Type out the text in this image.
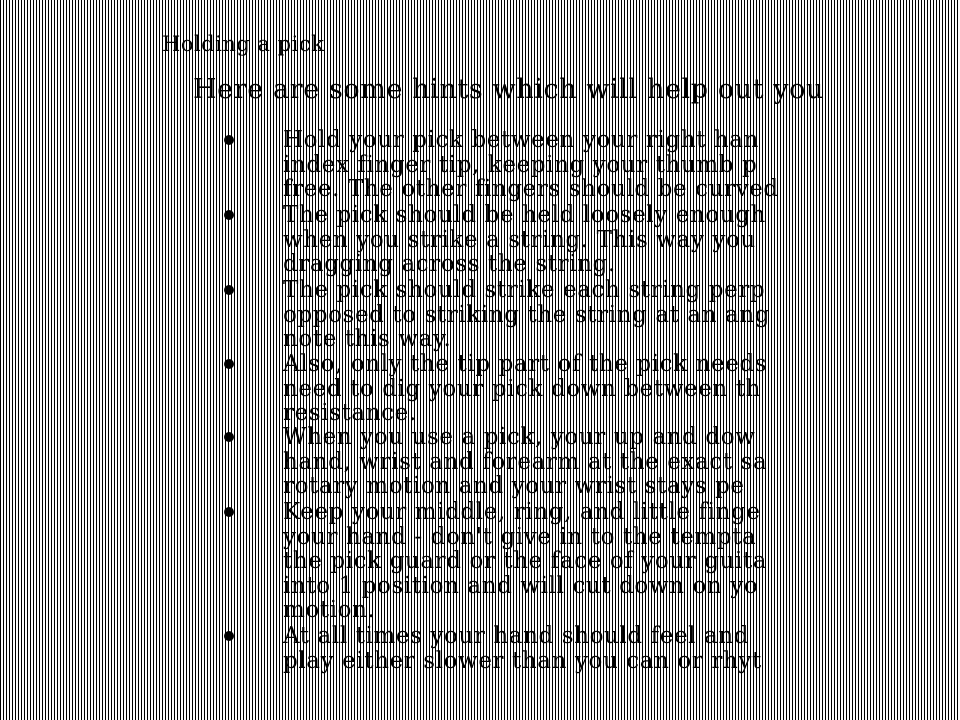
Holding a pick
Here are some hints which will help out you
Hold your pick between your right han
index finger tip, keeping your thumb p
free. The other fingers should be curved
The pick should be held loosely enough
when you strike a string. This way you
dragging across the string.
The pick should strike each string perp
opposed to striking the string at an ang
note this way.
Also, only the tip part of the pick needs
need to dig your pick down between th
resistance.
When you use a pick, your up and dow
hand, wrist and forearm at the exact sa
rotary motion and your wrist stays pe
Keep your middle, ring, and little finge
your hand - don't give in to the tempta
the pick guard or the face of your guita
into 1 position and will cut down on yo
motion.
At all times your hand should feel and
play either slower than you can or rhyt
